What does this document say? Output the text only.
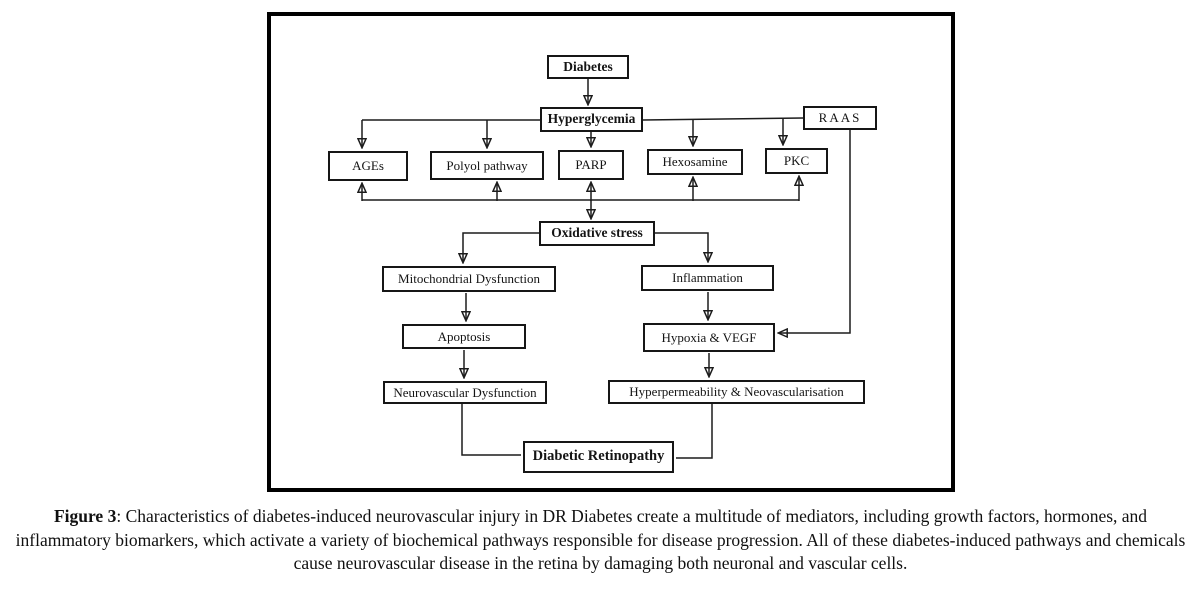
Diabetes
Hyperglycemia	RAAS
AGEs	Polyol pathway	PARP	Hexosamine	PKC
Oxidative stress
Mitochondrial Dysfunction	Inflammation
Apoptosis	Hypoxia & VEGF
Neurovascular Dysfunction	Hyperpermeability & Neovascularisation
Diabetic Retinopathy
Figure 3: Characteristics of diabetes-induced neurovascular injury in DR Diabetes create a multitude of mediators, including growth factors, hormones, and inflammatory biomarkers, which activate a variety of biochemical pathways responsible for disease progression. All of these diabetes-induced pathways and chemicals cause neurovascular disease in the retina by damaging both neuronal and vascular cells.
